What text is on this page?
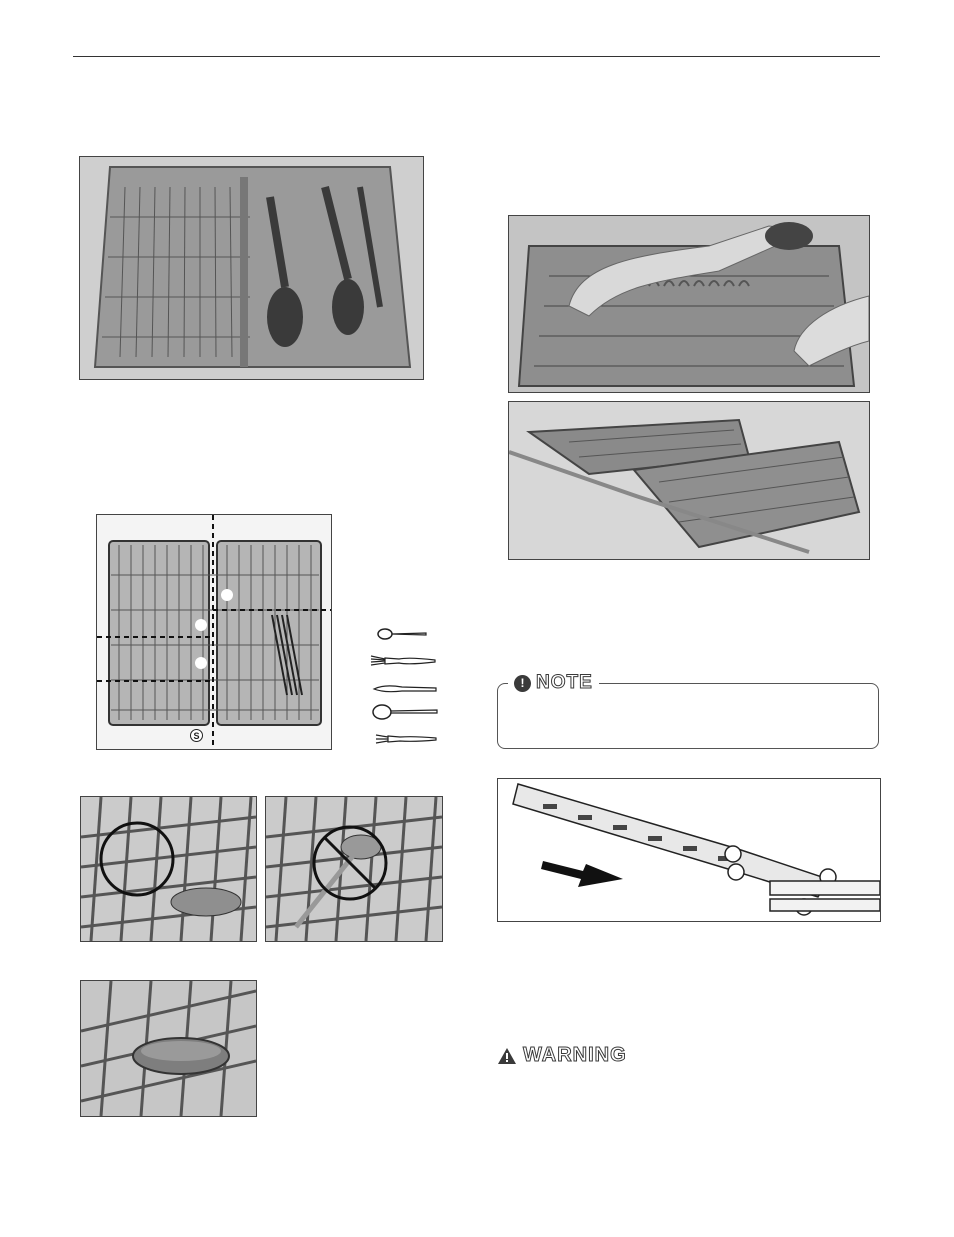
S
! NOTE
WARNING
